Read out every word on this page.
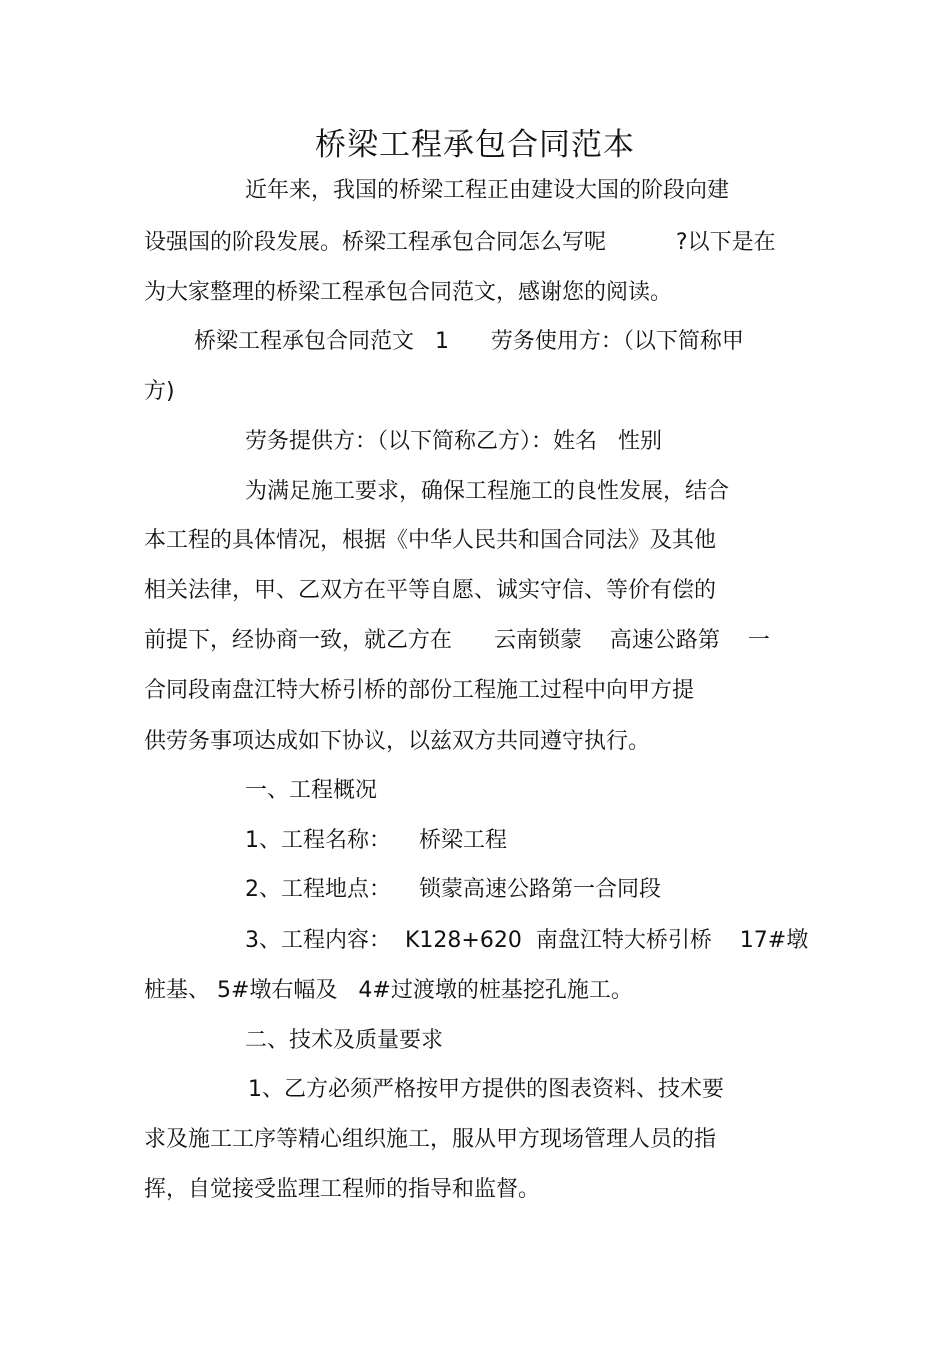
桥梁工程承包合同范本
近年来，我国的桥梁工程正由建设大国的阶段向建
设强国的阶段发展。桥梁工程承包合同怎么写呢          ?以下是在
为大家整理的桥梁工程承包合同范文，感谢您的阅读。
桥梁工程承包合同范文   1      劳务使用方：（以下简称甲
方)
劳务提供方：（以下简称乙方）：姓名   性别
为满足施工要求，确保工程施工的良性发展，结合
本工程的具体情况，根据《中华人民共和国合同法》及其他
相关法律，甲、乙双方在平等自愿、诚实守信、等价有偿的
前提下，经协商一致，就乙方在      云南锁蒙    高速公路第    一
合同段南盘江特大桥引桥的部份工程施工过程中向甲方提
供劳务事项达成如下协议，以兹双方共同遵守执行。
一、工程概况
1、工程名称：    桥梁工程
2、工程地点：    锁蒙高速公路第一合同段
3、工程内容：  K128+620  南盘江特大桥引桥    17#墩
桩基、 5#墩右幅及   4#过渡墩的桩基挖孔施工。
二、技术及质量要求
1、乙方必须严格按甲方提供的图表资料、技术要
求及施工工序等精心组织施工，服从甲方现场管理人员的指
挥，自觉接受监理工程师的指导和监督。
